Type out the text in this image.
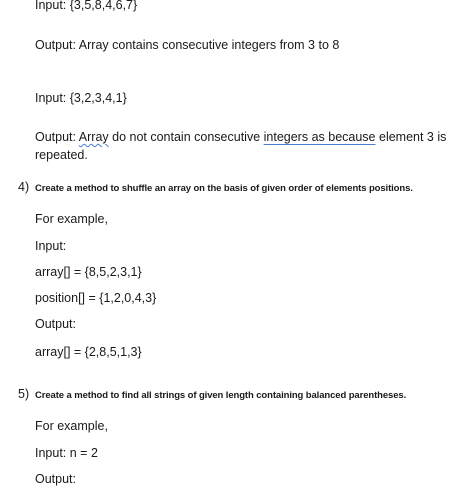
Input: {3,5,8,4,6,7}
Output: Array contains consecutive integers from 3 to 8
Input: {3,2,3,4,1}
Output: Array do not contain consecutive integers as because element 3 is repeated.
4) Create a method to shuffle an array on the basis of given order of elements positions.
For example,
Input:
array[] = {8,5,2,3,1}
position[] = {1,2,0,4,3}
Output:
array[] = {2,8,5,1,3}
5) Create a method to find all strings of given length containing balanced parentheses.
For example,
Input: n = 2
Output:
